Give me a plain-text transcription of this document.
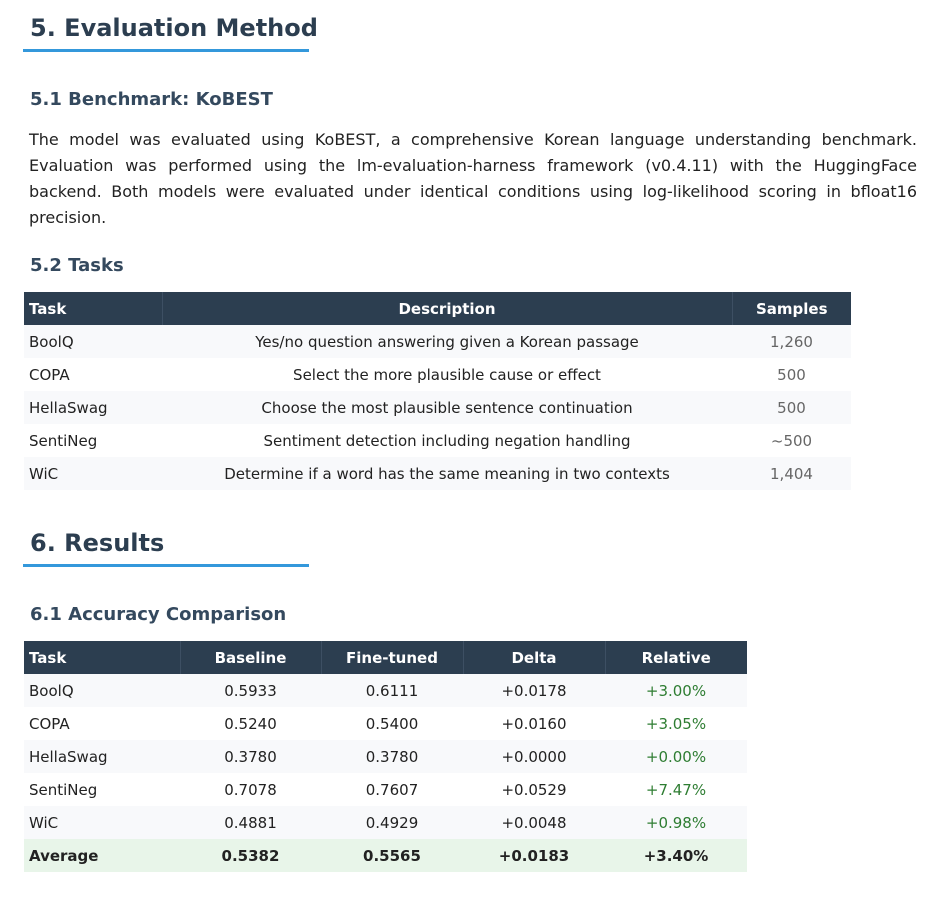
5. Evaluation Method
5.1 Benchmark: KoBEST

The model was evaluated using KoBEST, a comprehensive Korean language understanding benchmark. Evaluation was performed using the lm-evaluation-harness framework (v0.4.11) with the HuggingFace backend. Both models were evaluated under identical conditions using log-likelihood scoring in bfloat16 precision.

5.2 Tasks
Task	Description	Samples
BoolQ	Yes/no question answering given a Korean passage	1,260
COPA	Select the more plausible cause or effect	500
HellaSwag	Choose the most plausible sentence continuation	500
SentiNeg	Sentiment detection including negation handling	~500
WiC	Determine if a word has the same meaning in two contexts	1,404
6. Results
6.1 Accuracy Comparison
Task	Baseline	Fine-tuned	Delta	Relative
BoolQ	0.5933	0.6111	+0.0178	+3.00%
COPA	0.5240	0.5400	+0.0160	+3.05%
HellaSwag	0.3780	0.3780	+0.0000	+0.00%
SentiNeg	0.7078	0.7607	+0.0529	+7.47%
WiC	0.4881	0.4929	+0.0048	+0.98%
Average	0.5382	0.5565	+0.0183	+3.40%
